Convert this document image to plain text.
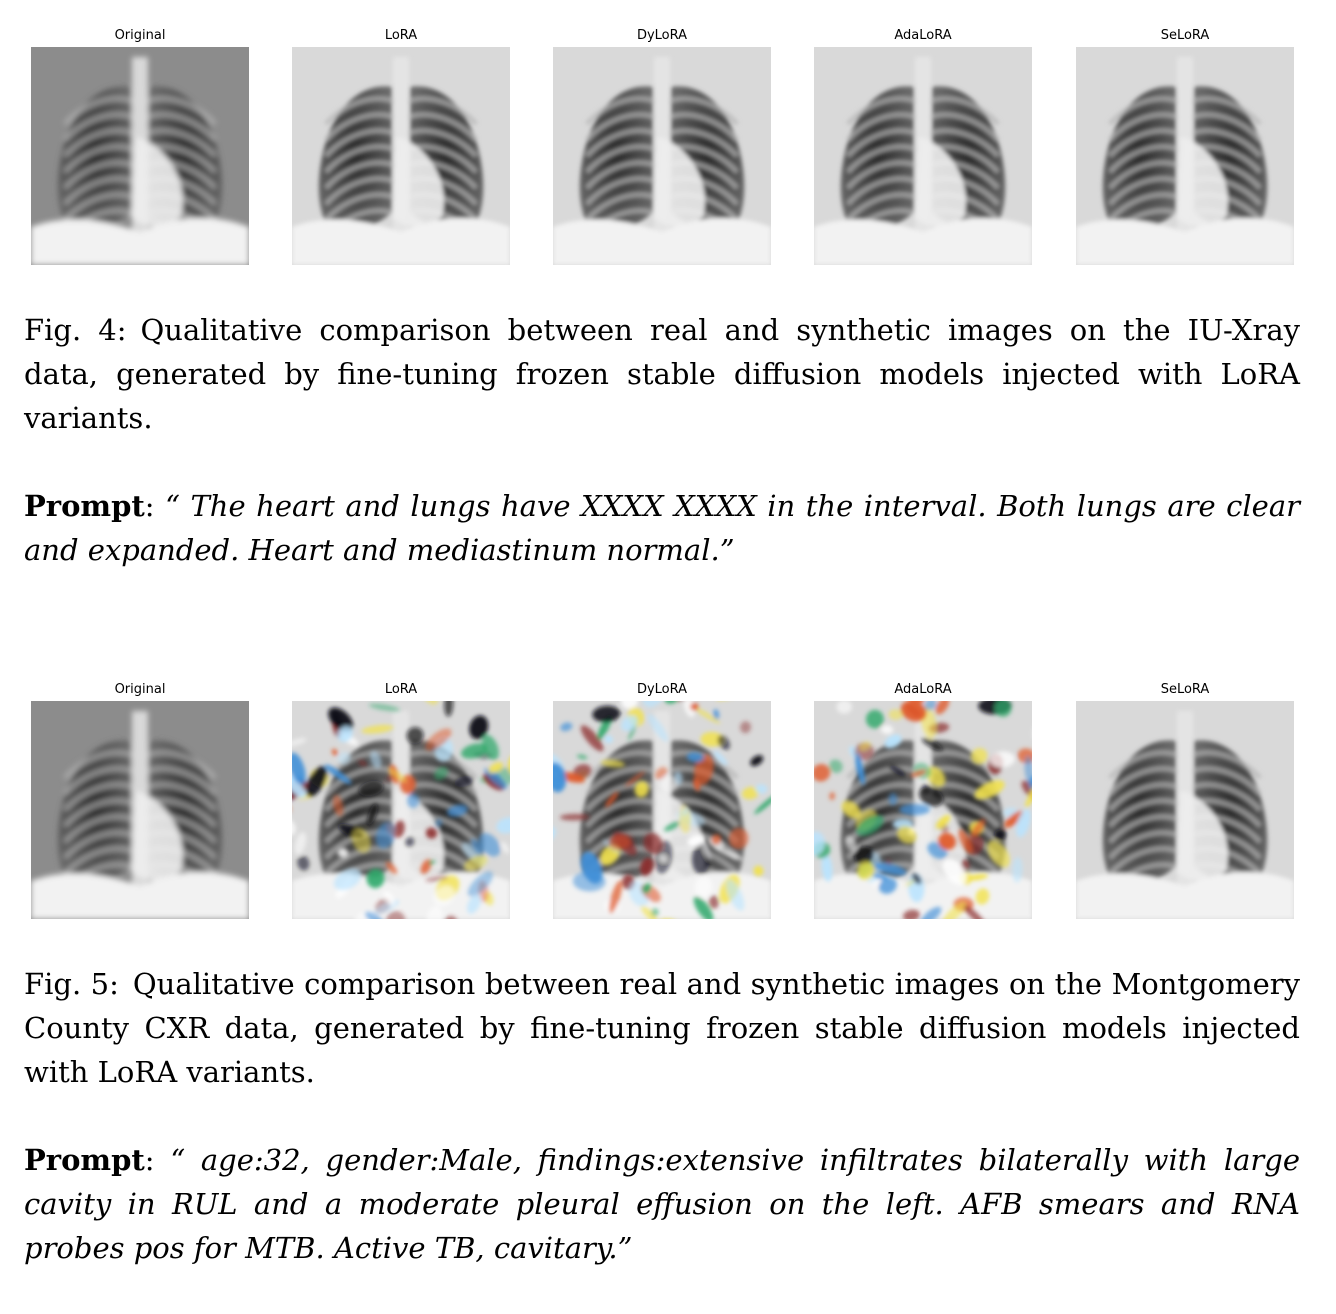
Original	LoRA	DyLoRA	AdaLoRA	SeLoRA

Fig. 4: Qualitative comparison between real and synthetic images on the IU-Xray data, generated by fine-tuning frozen stable diffusion models injected with LoRA variants.

Prompt: “ The heart and lungs have XXXX XXXX in the interval. Both lungs are clear and expanded. Heart and mediastinum normal.”

Original	LoRA	DyLoRA	AdaLoRA	SeLoRA

Fig. 5: Qualitative comparison between real and synthetic images on the Montgomery County CXR data, generated by fine-tuning frozen stable diffusion models injected with LoRA variants.

Prompt: “ age:32, gender:Male, findings:extensive infiltrates bilaterally with large cavity in RUL and a moderate pleural effusion on the left. AFB smears and RNA probes pos for MTB. Active TB, cavitary.”
